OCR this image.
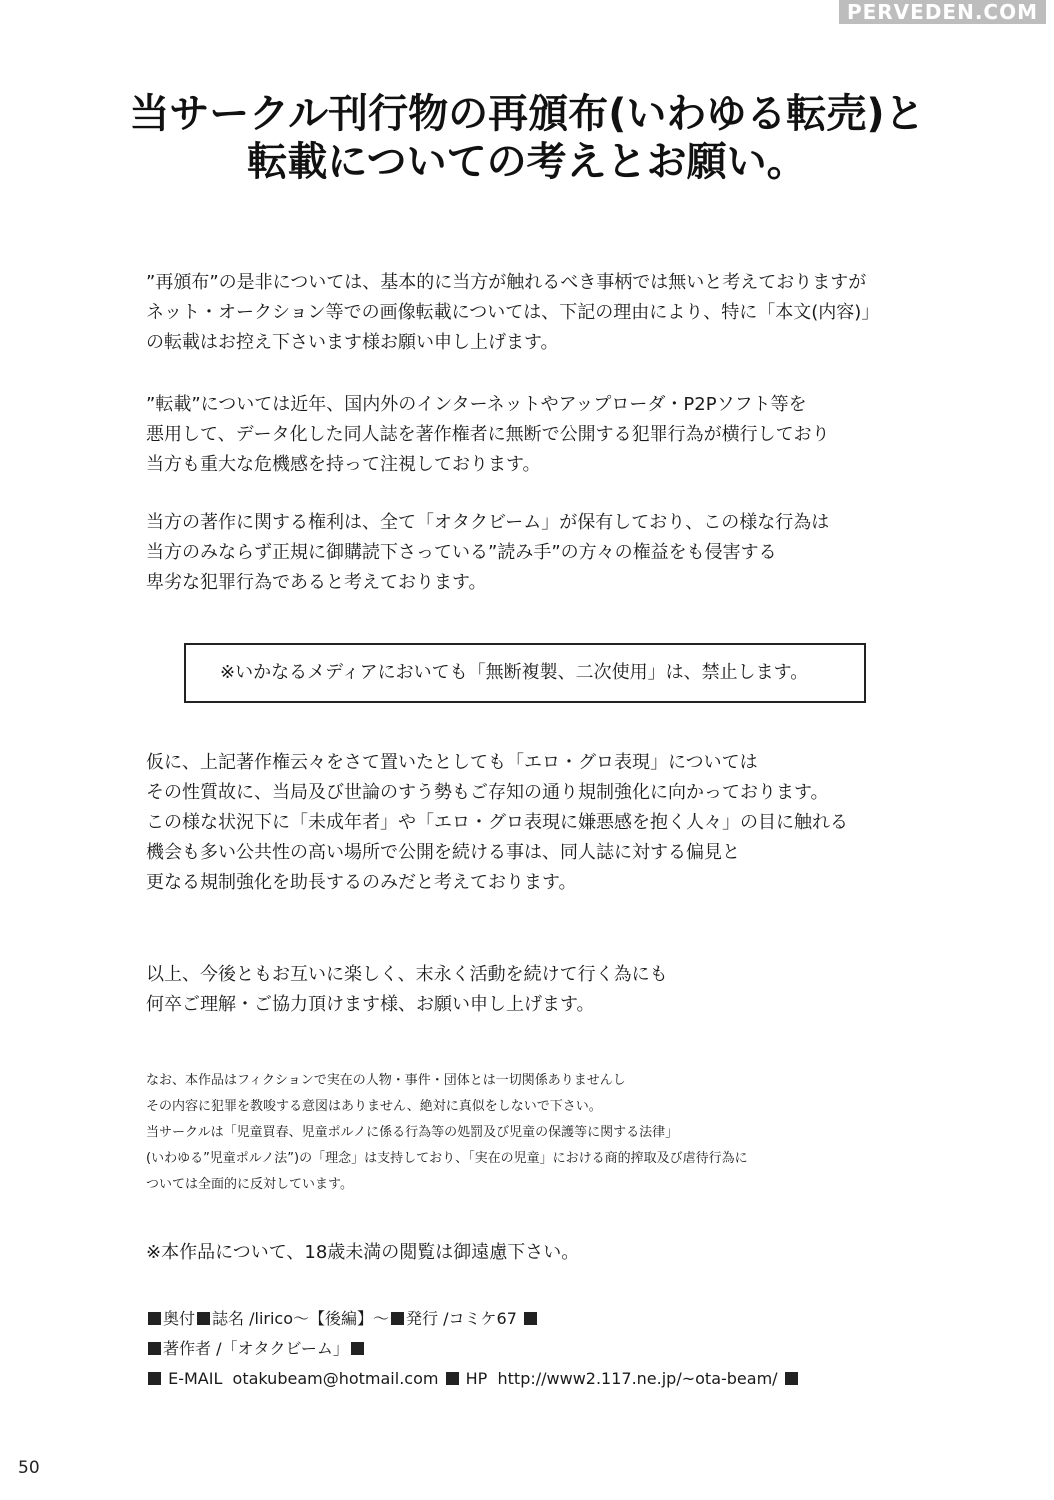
PERVEDEN.COM
当サークル刊行物の再頒布(いわゆる転売)と
転載についての考えとお願い。
”再頒布”の是非については、基本的に当方が触れるべき事柄では無いと考えておりますが
ネット・オークション等での画像転載については、下記の理由により、特に「本文(内容)」
の転載はお控え下さいます様お願い申し上げます。
”転載”については近年、国内外のインターネットやアップローダ・P2Pソフト等を
悪用して、データ化した同人誌を著作権者に無断で公開する犯罪行為が横行しており
当方も重大な危機感を持って注視しております。
当方の著作に関する権利は、全て「オタクビーム」が保有しており、この様な行為は
当方のみならず正規に御購読下さっている”読み手”の方々の権益をも侵害する
卑劣な犯罪行為であると考えております。
※いかなるメディアにおいても「無断複製、二次使用」は、禁止します。
仮に、上記著作権云々をさて置いたとしても「エロ・グロ表現」については
その性質故に、当局及び世論のすう勢もご存知の通り規制強化に向かっております。
この様な状況下に「未成年者」や「エロ・グロ表現に嫌悪感を抱く人々」の目に触れる
機会も多い公共性の高い場所で公開を続ける事は、同人誌に対する偏見と
更なる規制強化を助長するのみだと考えております。
以上、今後ともお互いに楽しく、末永く活動を続けて行く為にも
何卒ご理解・ご協力頂けます様、お願い申し上げます。
なお、本作品はフィクションで実在の人物・事件・団体とは一切関係ありませんし
その内容に犯罪を教唆する意図はありません、絶対に真似をしないで下さい。
当サークルは「児童買春、児童ポルノに係る行為等の処罰及び児童の保護等に関する法律」
(いわゆる”児童ポルノ法”)の「理念」は支持しており、「実在の児童」における商的搾取及び虐待行為に
ついては全面的に反対しています。
※本作品について、18歳未満の閲覧は御遠慮下さい。
奥付 誌名 /lirico～【後編】～ 発行 /コミケ67
著作者 /「オタクビーム」
E-MAIL otakubeam@hotmail.com HP http://www2.117.ne.jp/~ota-beam/
50
